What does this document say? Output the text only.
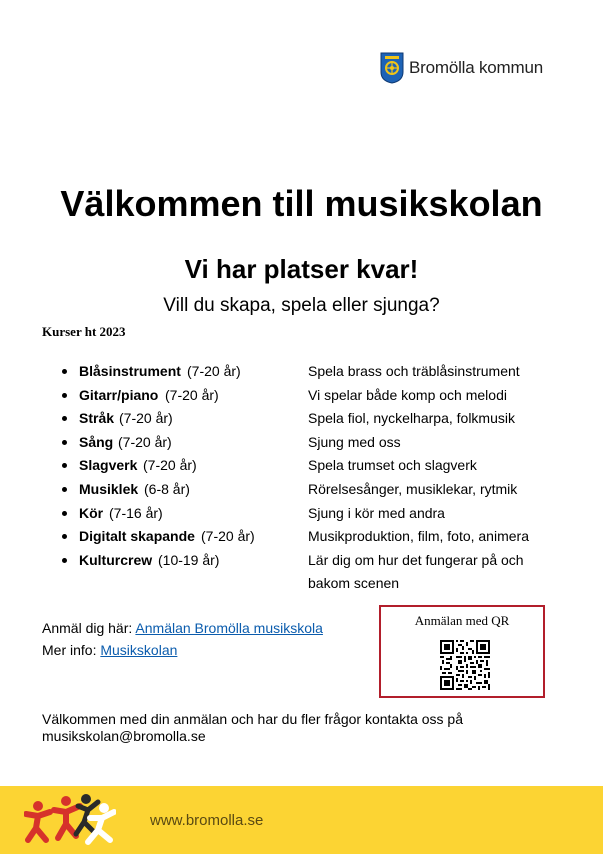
Bromölla kommun
Välkommen till musikskolan
Vi har platser kvar!

Vill du skapa, spela eller sjunga?

Kurser ht 2023

Blåsinstrument (7-20 år)	Spela brass och träblåsinstrument
Gitarr/piano (7-20 år)	Vi spelar både komp och melodi
Stråk (7-20 år)	Spela fiol, nyckelharpa, folkmusik
Sång (7-20 år)	Sjung med oss
Slagverk (7-20 år)	Spela trumset och slagverk
Musiklek (6-8 år)	Rörelsesånger, musiklekar, rytmik
Kör (7-16 år)	Sjung i kör med andra
Digitalt skapande (7-20 år)	Musikproduktion, film, foto, animera
Kulturcrew (10-19 år)	Lär dig om hur det fungerar på och
bakom scenen
Anmäl dig här: Anmälan Bromölla musikskola
Mer info: Musikskolan
Anmälan med QR
Välkommen med din anmälan och har du fler frågor kontakta oss på musikskolan@bromolla.se
www.bromolla.se
